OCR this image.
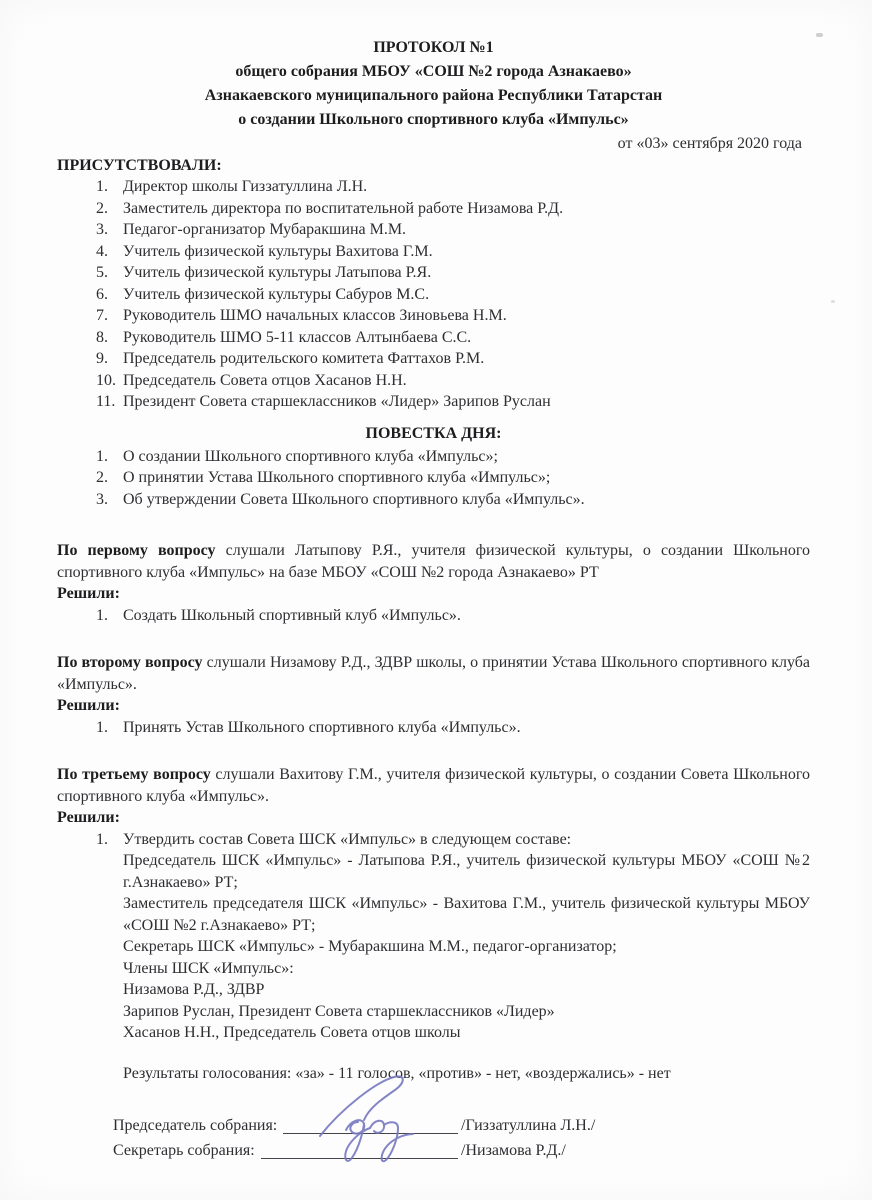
ПРОТОКОЛ №1
общего собрания МБОУ «СОШ №2 города Азнакаево»
Азнакаевского муниципального района Республики Татарстан
о создании Школьного спортивного клуба «Импульс»
от «03» сентября 2020 года
ПРИСУТСТВОВАЛИ:
1. Директор школы Гиззатуллина Л.Н.
2. Заместитель директора по воспитательной работе Низамова Р.Д.
3. Педагог-организатор Мубаракшина М.М.
4. Учитель физической культуры Вахитова Г.М.
5. Учитель физической культуры Латыпова Р.Я.
6. Учитель физической культуры Сабуров М.С.
7. Руководитель ШМО начальных классов Зиновьева Н.М.
8. Руководитель ШМО 5-11 классов Алтынбаева С.С.
9. Председатель родительского комитета Фаттахов Р.М.
10. Председатель Совета отцов Хасанов Н.Н.
11. Президент Совета старшеклассников «Лидер» Зарипов Руслан
ПОВЕСТКА ДНЯ:
1. О создании Школьного спортивного клуба «Импульс»;
2. О принятии Устава Школьного спортивного клуба «Импульс»;
3. Об утверждении Совета Школьного спортивного клуба «Импульс».
По первому вопросу слушали Латыпову Р.Я., учителя физической культуры, о создании Школьного спортивного клуба «Импульс» на базе МБОУ «СОШ №2 города Азнакаево» РТ
Решили:
1. Создать Школьный спортивный клуб «Импульс».
По второму вопросу слушали Низамову Р.Д., ЗДВР школы, о принятии Устава Школьного спортивного клуба «Импульс».
Решили:
1. Принять Устав Школьного спортивного клуба «Импульс».
По третьему вопросу слушали Вахитову Г.М., учителя физической культуры, о создании Совета Школьного спортивного клуба «Импульс».
Решили:
1. Утвердить состав Совета ШСК «Импульс» в следующем составе:
Председатель ШСК «Импульс» - Латыпова Р.Я., учитель физической культуры МБОУ «СОШ №2 г.Азнакаево» РТ;
Заместитель председателя ШСК «Импульс» - Вахитова Г.М., учитель физической культуры МБОУ «СОШ №2 г.Азнакаево» РТ;
Секретарь ШСК «Импульс» - Мубаракшина М.М., педагог-организатор;
Члены ШСК «Импульс»:
Низамова Р.Д., ЗДВР
Зарипов Руслан, Президент Совета старшеклассников «Лидер»
Хасанов Н.Н., Председатель Совета отцов школы
Результаты голосования: «за» - 11 голосов, «против» - нет, «воздержались» - нет
Председатель собрания:	/Гиззатуллина Л.Н./
Секретарь собрания:	/Низамова Р.Д./
